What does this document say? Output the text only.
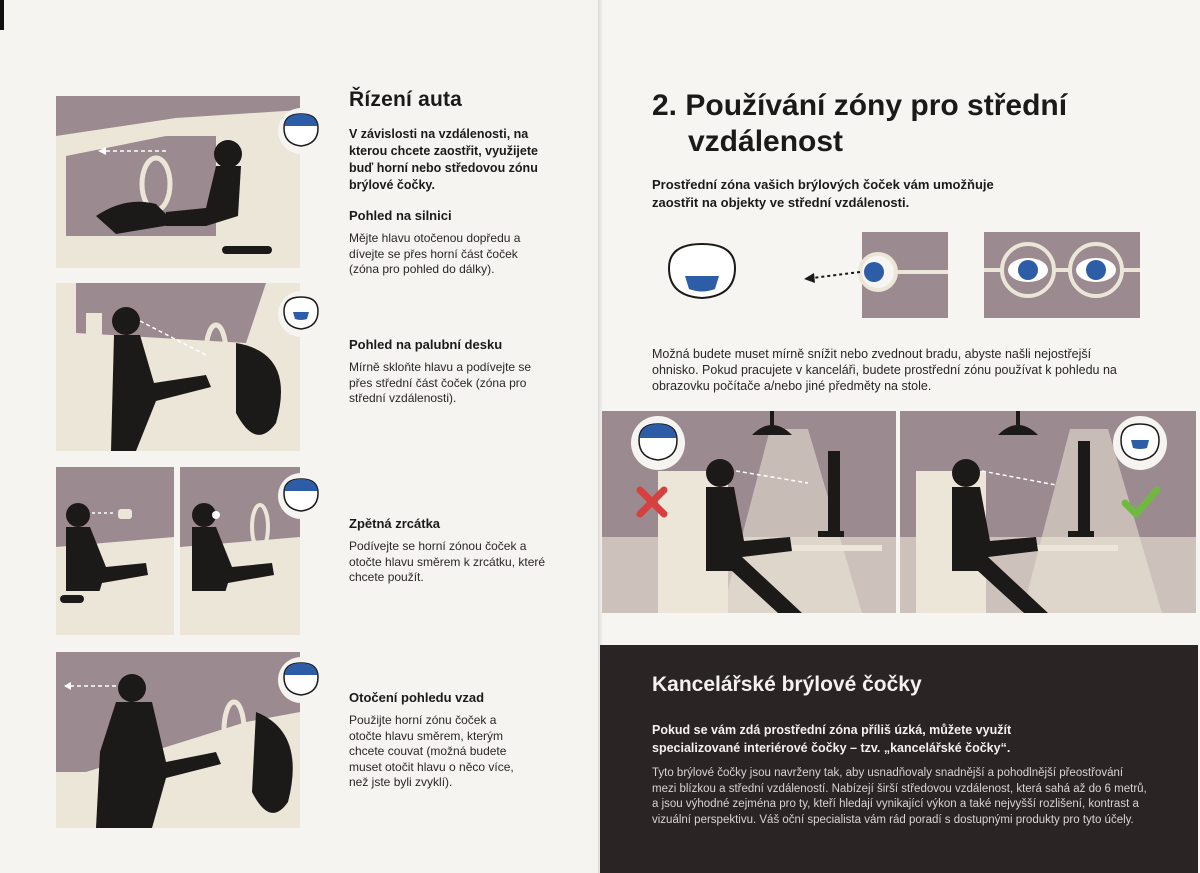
Řízení auta
V závislosti na vzdálenosti, na kterou chcete zaostřit, využijete buď horní nebo středovou zónu brýlové čočky.
Pohled na silnici
Mějte hlavu otočenou dopředu a dívejte se přes horní část čoček (zóna pro pohled do dálky).
Pohled na palubní desku
Mírně skloňte hlavu a podívejte se přes střední část čoček (zóna pro střední vzdálenosti).
Zpětná zrcátka
Podívejte se horní zónou čoček a otočte hlavu směrem k zrcátku, které chcete použít.
Otočení pohledu vzad
Použijte horní zónu čoček a otočte hlavu směrem, kterým chcete couvat (možná budete muset otočit hlavu o něco více, než jste byli zvyklí).
2. Používání zóny pro střední
vzdálenost
Prostřední zóna vašich brýlových čoček vám umožňuje zaostřit na objekty ve střední vzdálenosti.
Možná budete muset mírně snížit nebo zvednout bradu, abyste našli nejostřejší ohnisko. Pokud pracujete v kanceláři, budete prostřední zónu používat k pohledu na obrazovku počítače a/nebo jiné předměty na stole.
Kancelářské brýlové čočky
Pokud se vám zdá prostřední zóna příliš úzká, můžete využít specializované interiérové čočky – tzv. „kancelářské čočky“.
Tyto brýlové čočky jsou navrženy tak, aby usnadňovaly snadnější a pohodlnější přeostřování mezi blízkou a střední vzdáleností. Nabízejí širší středovou vzdálenost, která sahá až do 6 metrů, a jsou výhodné zejména pro ty, kteří hledají vynikající výkon a také nejvyšší rozlišení, kontrast a vizuální perspektivu. Váš oční specialista vám rád poradí s dostupnými produkty pro tyto účely.
